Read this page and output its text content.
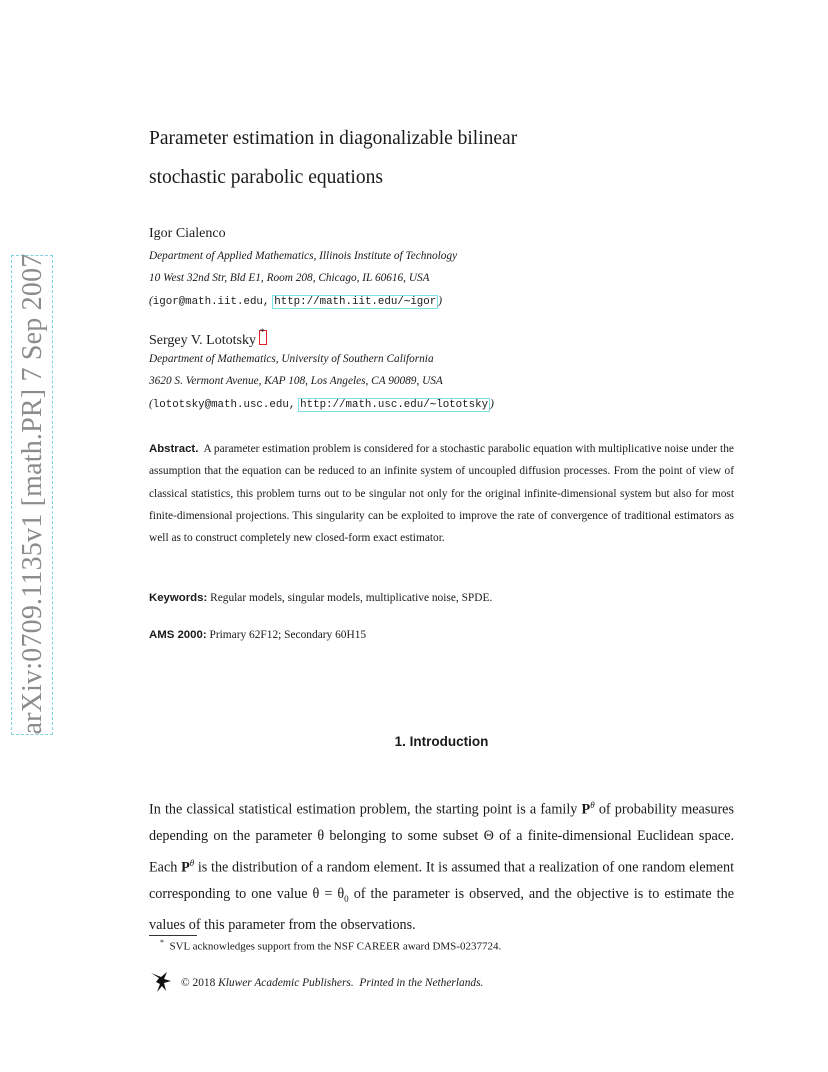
arXiv:0709.1135v1 [math.PR] 7 Sep 2007
Parameter estimation in diagonalizable bilinear
stochastic parabolic equations
Igor Cialenco
Department of Applied Mathematics, Illinois Institute of Technology
10 West 32nd Str, Bld E1, Room 208, Chicago, IL 60616, USA
(igor@math.iit.edu, http://math.iit.edu/∼igor )
Sergey V. Lototsky
*
Department of Mathematics, University of Southern California
3620 S. Vermont Avenue, KAP 108, Los Angeles, CA 90089, USA
(lototsky@math.usc.edu, http://math.usc.edu/∼lototsky )
Abstract. A parameter estimation problem is considered for a stochastic parabolic equation with multiplicative noise under the assumption that the equation can be reduced to an infinite system of uncoupled diffusion processes. From the point of view of classical statistics, this problem turns out to be singular not only for the original infinite-dimensional system but also for most finite-dimensional projections. This singularity can be exploited to improve the rate of convergence of traditional estimators as well as to construct completely new closed-form exact estimator.
Keywords: Regular models, singular models, multiplicative noise, SPDE.
AMS 2000: Primary 62F12; Secondary 60H15
1. Introduction
In the classical statistical estimation problem, the starting point is a family $P^\theta$ of probability measures depending on the parameter θ belonging to some subset Θ of a finite-dimensional Euclidean space. Each $P^\theta$ is the distribution of a random element. It is assumed that a realization of one random element corresponding to one value $\theta = \theta_0$ of the parameter is observed, and the objective is to estimate the values of this parameter from the observations.
* SVL acknowledges support from the NSF CAREER award DMS-0237724.
© 2018 Kluwer Academic Publishers. Printed in the Netherlands.
